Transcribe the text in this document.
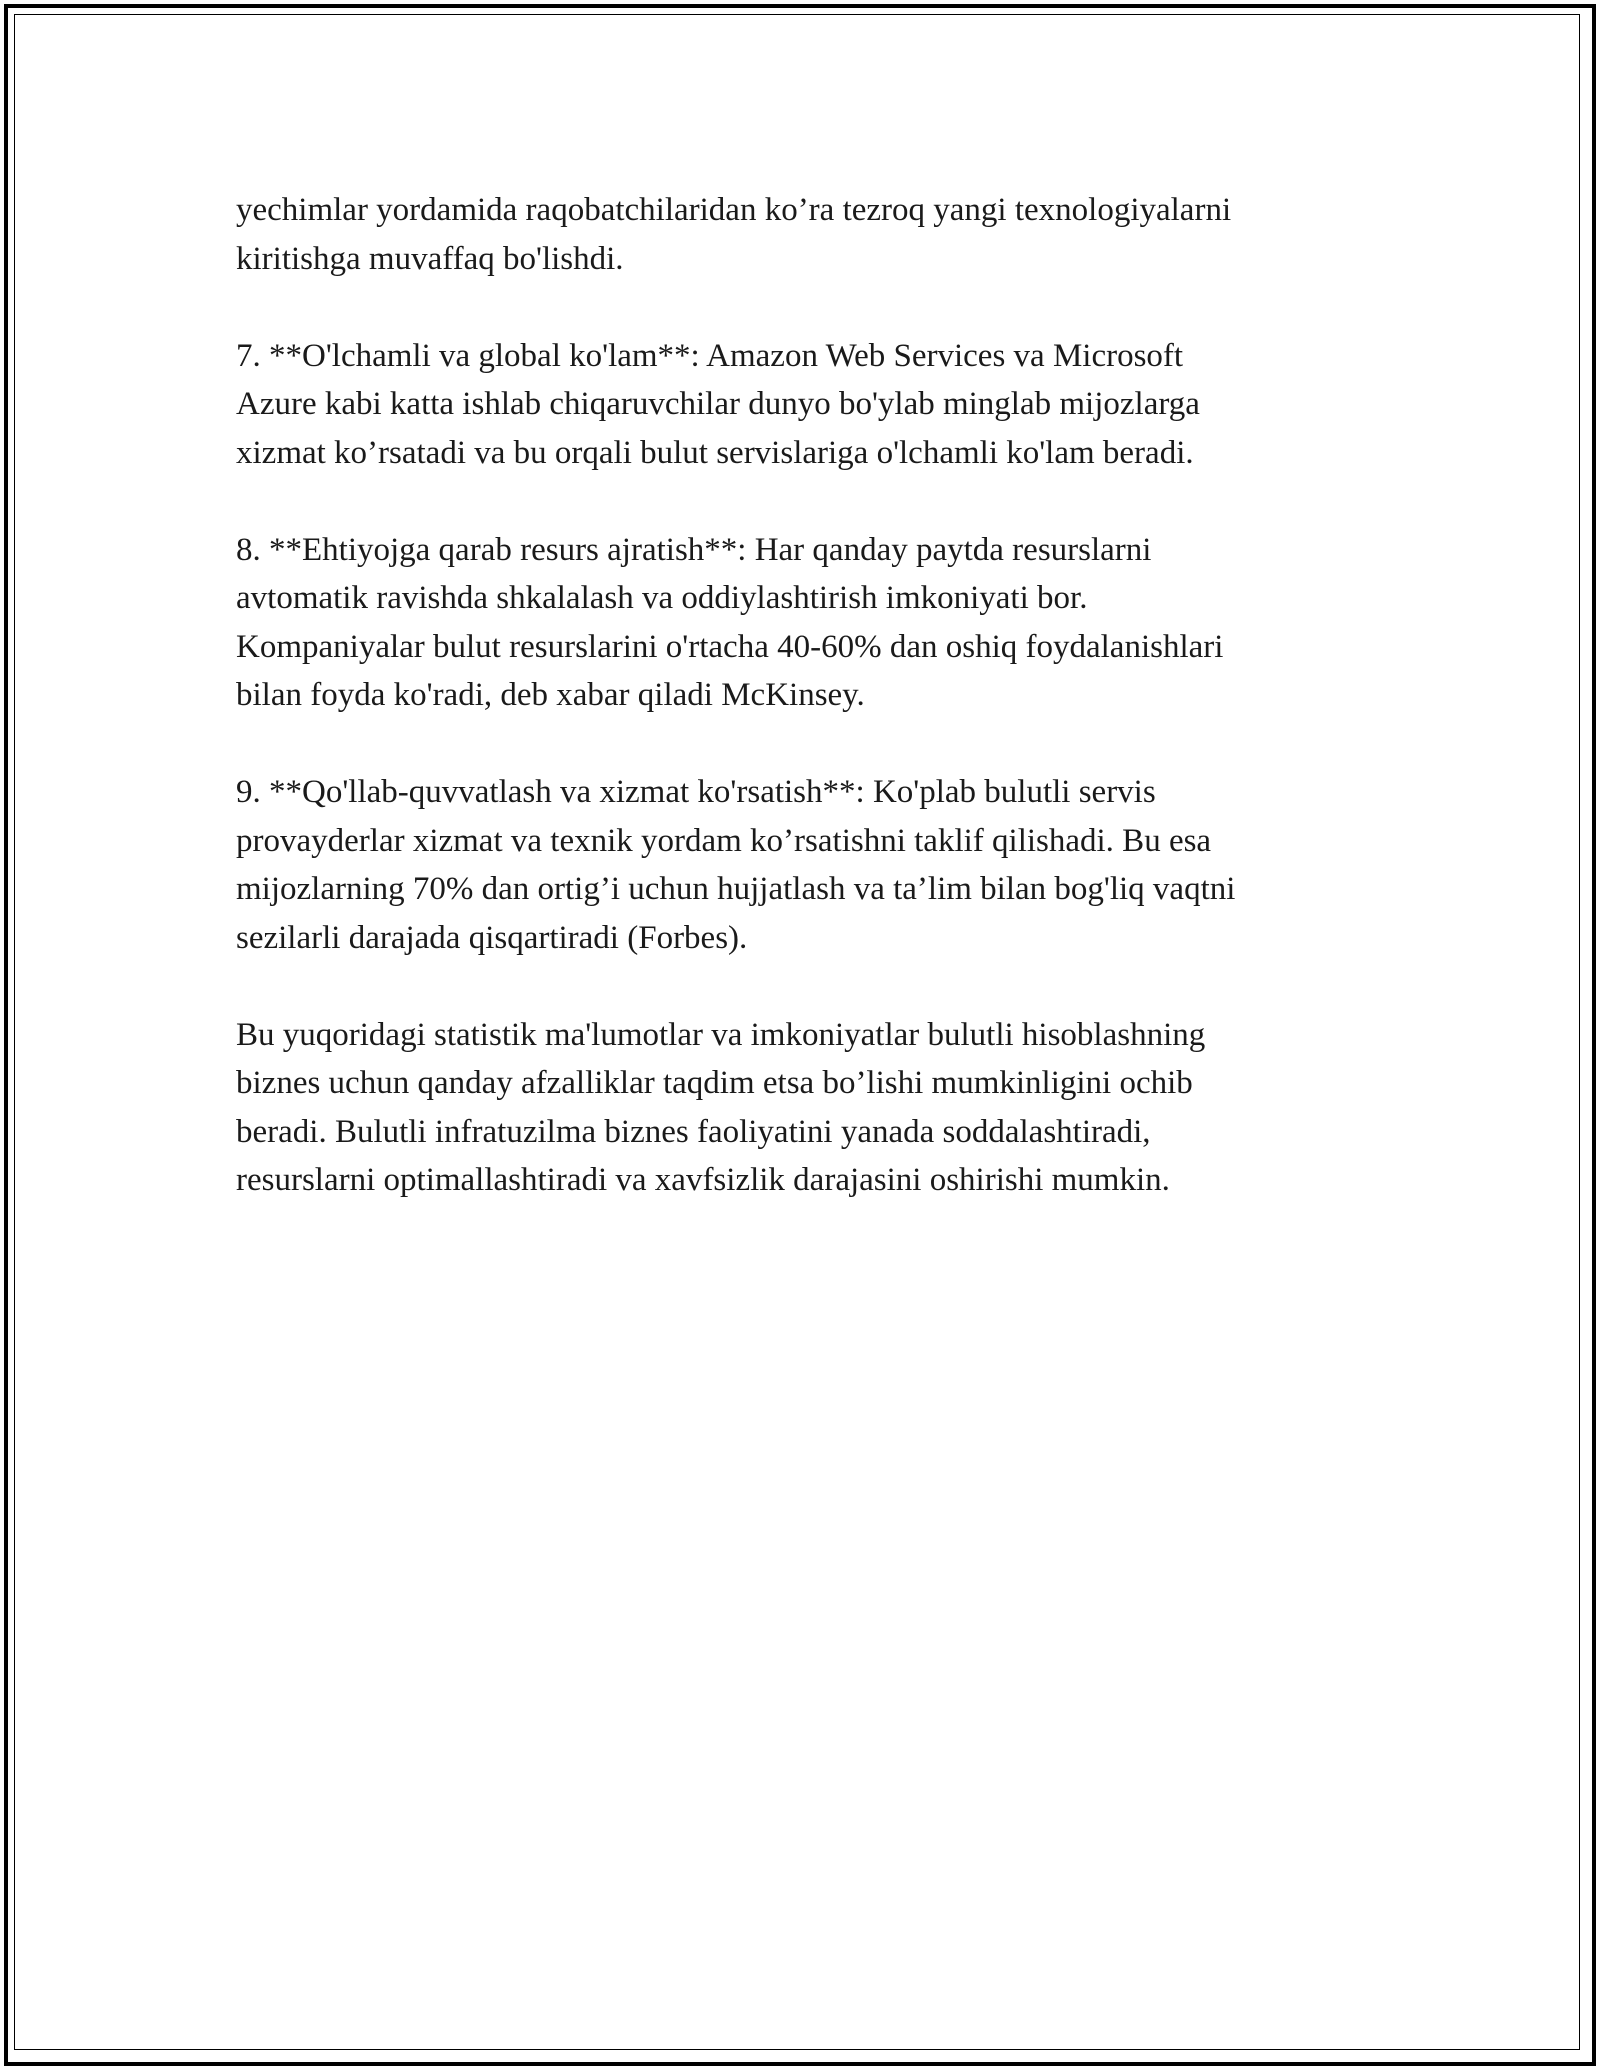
yechimlar yordamida raqobatchilaridan ko’ra tezroq yangi texnologiyalarni
kiritishga muvaffaq bo'lishdi.

7. **O'lchamli va global ko'lam**: Amazon Web Services va Microsoft
Azure kabi katta ishlab chiqaruvchilar dunyo bo'ylab minglab mijozlarga
xizmat ko’rsatadi va bu orqali bulut servislariga o'lchamli ko'lam beradi.

8. **Ehtiyojga qarab resurs ajratish**: Har qanday paytda resurslarni
avtomatik ravishda shkalalash va oddiylashtirish imkoniyati bor.
Kompaniyalar bulut resurslarini o'rtacha 40-60% dan oshiq foydalanishlari
bilan foyda ko'radi, deb xabar qiladi McKinsey.

9. **Qo'llab-quvvatlash va xizmat ko'rsatish**: Ko'plab bulutli servis
provayderlar xizmat va texnik yordam ko’rsatishni taklif qilishadi. Bu esa
mijozlarning 70% dan ortig’i uchun hujjatlash va ta’lim bilan bog'liq vaqtni
sezilarli darajada qisqartiradi (Forbes).

Bu yuqoridagi statistik ma'lumotlar va imkoniyatlar bulutli hisoblashning
biznes uchun qanday afzalliklar taqdim etsa bo’lishi mumkinligini ochib
beradi. Bulutli infratuzilma biznes faoliyatini yanada soddalashtiradi,
resurslarni optimallashtiradi va xavfsizlik darajasini oshirishi mumkin.
